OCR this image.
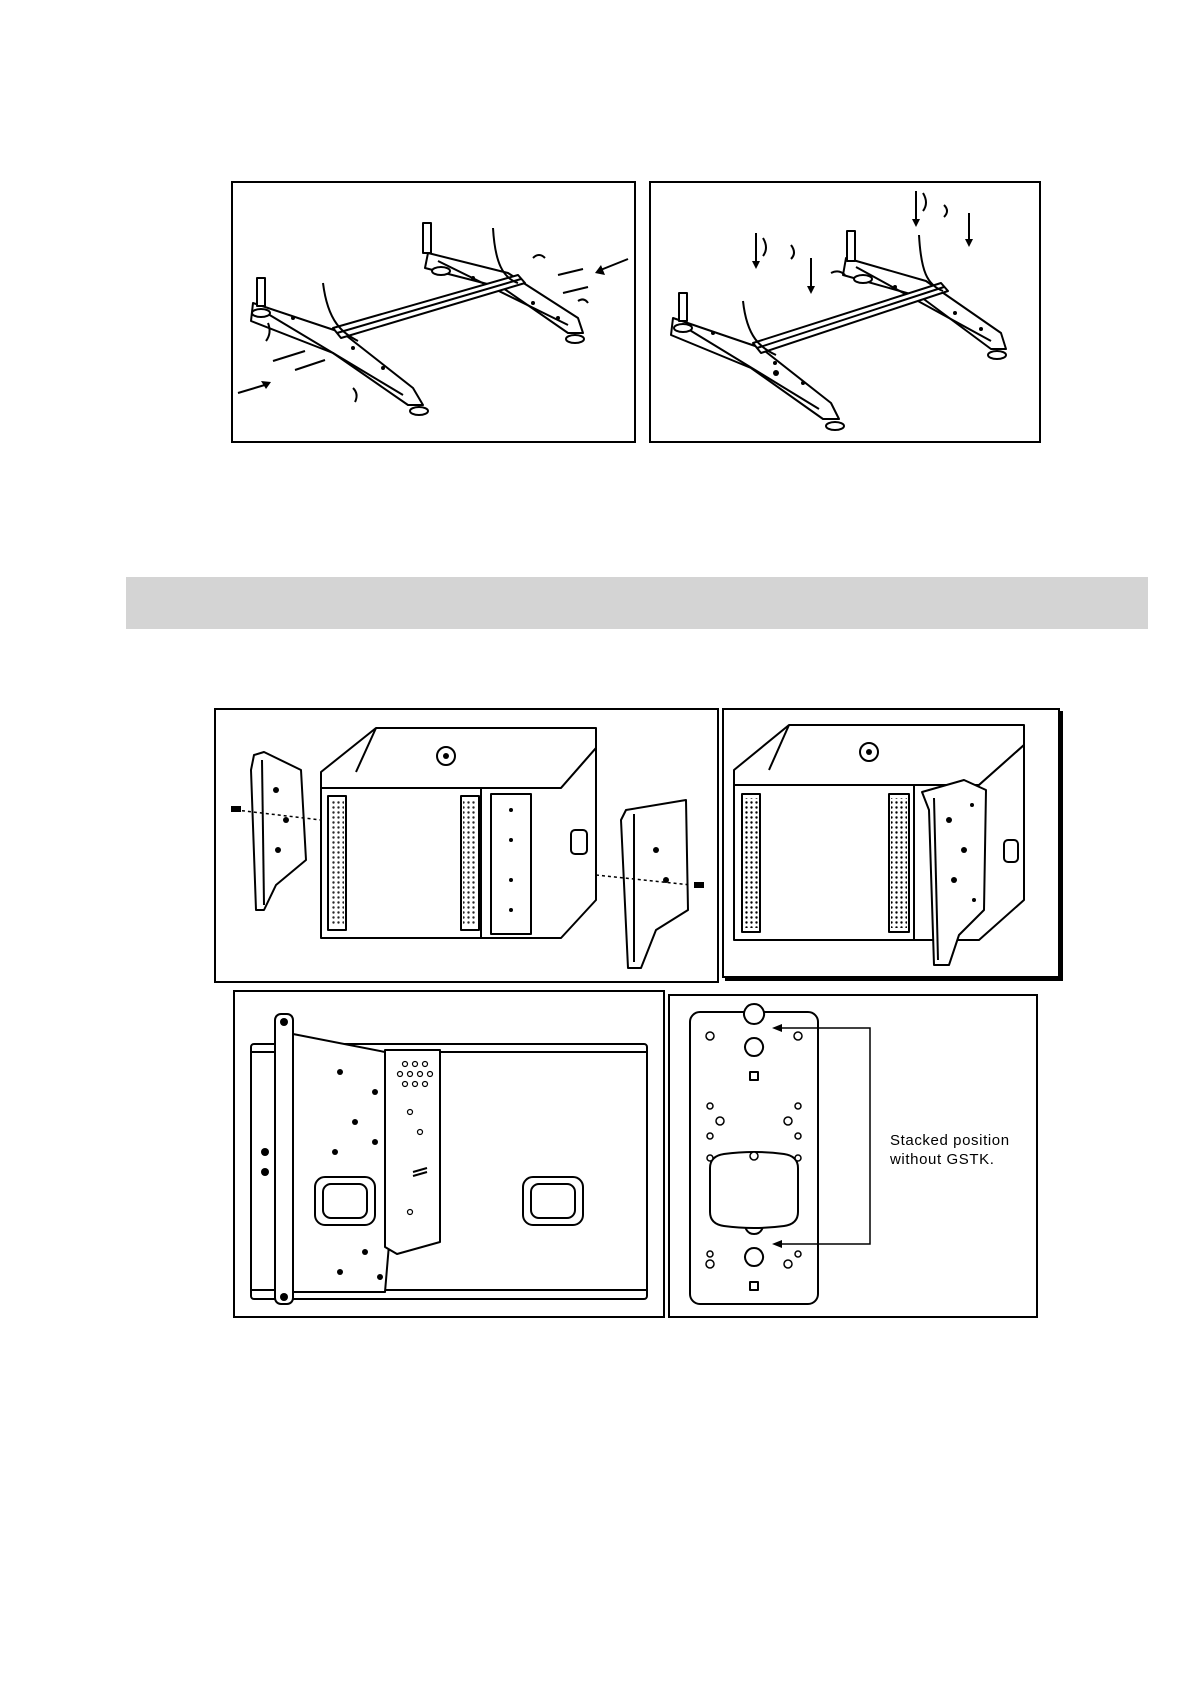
Stacked position
without GSTK.
